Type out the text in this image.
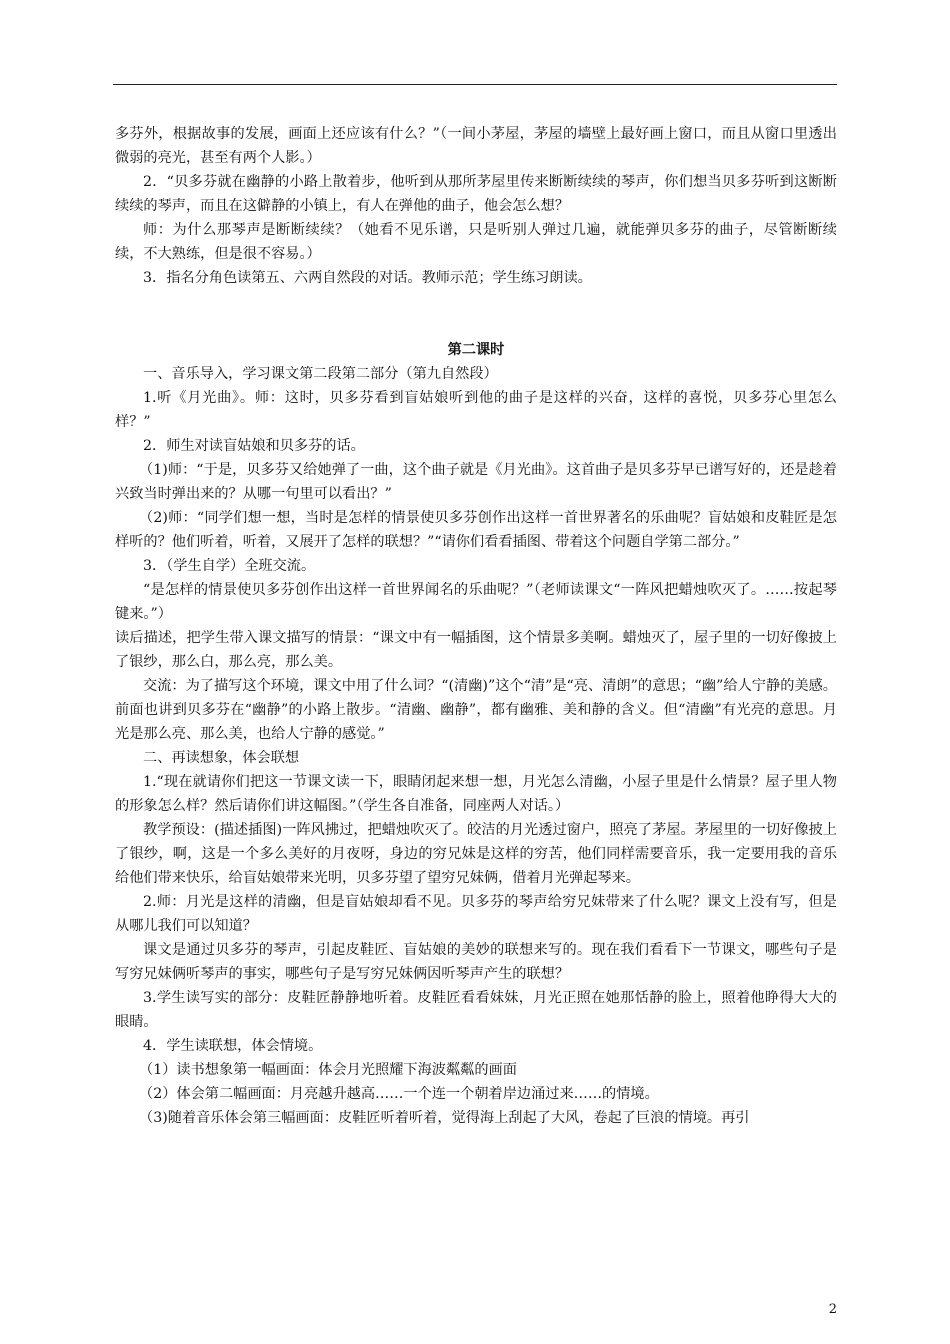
多芬外，根据故事的发展，画面上还应该有什么？”（一间小茅屋，茅屋的墙壁上最好画上窗口，而且从窗口里透出微弱的亮光，甚至有两个人影。）

2．“贝多芬就在幽静的小路上散着步，他听到从那所茅屋里传来断断续续的琴声，你们想当贝多芬听到这断断续续的琴声，而且在这僻静的小镇上，有人在弹他的曲子，他会怎么想？

师：为什么那琴声是断断续续？（她看不见乐谱，只是听别人弹过几遍，就能弹贝多芬的曲子，尽管断断续续，不大熟练，但是很不容易。）

3．指名分角色读第五、六两自然段的对话。教师示范；学生练习朗读。

第二课时

一、音乐导入，学习课文第二段第二部分（第九自然段）

1.听《月光曲》。师：这时，贝多芬看到盲姑娘听到他的曲子是这样的兴奋，这样的喜悦，贝多芬心里怎么样？”

2．师生对读盲姑娘和贝多芬的话。

（1)师：“于是，贝多芬又给她弹了一曲，这个曲子就是《月光曲》。这首曲子是贝多芬早已谱写好的，还是趁着兴致当时弹出来的？从哪一句里可以看出？”

（2)师：“同学们想一想，当时是怎样的情景使贝多芬创作出这样一首世界著名的乐曲呢？盲姑娘和皮鞋匠是怎样听的？他们听着，听着，又展开了怎样的联想？”“请你们看看插图、带着这个问题自学第二部分。”

3．（学生自学）全班交流。

“是怎样的情景使贝多芬创作出这样一首世界闻名的乐曲呢？”（老师读课文“一阵风把蜡烛吹灭了。……按起琴键来。”）

读后描述，把学生带入课文描写的情景：“课文中有一幅插图，这个情景多美啊。蜡烛灭了，屋子里的一切好像披上了银纱，那么白，那么亮，那么美。

交流：为了描写这个环境，课文中用了什么词？“(清幽)”这个“清”是“亮、清朗”的意思；“幽”给人宁静的美感。前面也讲到贝多芬在“幽静”的小路上散步。“清幽、幽静”，都有幽雅、美和静的含义。但“清幽”有光亮的意思。月光是那么亮、那么美，也给人宁静的感觉。”

二、再读想象，体会联想

1.“现在就请你们把这一节课文读一下，眼睛闭起来想一想，月光怎么清幽，小屋子里是什么情景？屋子里人物的形象怎么样？然后请你们讲这幅图。”（学生各自准备，同座两人对话。）

教学预设：(描述插图)一阵风拂过，把蜡烛吹灭了。皎洁的月光透过窗户，照亮了茅屋。茅屋里的一切好像披上了银纱，啊，这是一个多么美好的月夜呀，身边的穷兄妹是这样的穷苦，他们同样需要音乐，我一定要用我的音乐给他们带来快乐，给盲姑娘带来光明，贝多芬望了望穷兄妹俩，借着月光弹起琴来。

2.师：月光是这样的清幽，但是盲姑娘却看不见。贝多芬的琴声给穷兄妹带来了什么呢？课文上没有写，但是从哪儿我们可以知道？

课文是通过贝多芬的琴声，引起皮鞋匠、盲姑娘的美妙的联想来写的。现在我们看看下一节课文，哪些句子是写穷兄妹俩听琴声的事实，哪些句子是写穷兄妹俩因听琴声产生的联想？

3.学生读写实的部分：皮鞋匠静静地听着。皮鞋匠看看妹妹，月光正照在她那恬静的脸上，照着他睁得大大的眼睛。

4．学生读联想，体会情境。

（1）读书想象第一幅画面：体会月光照耀下海波粼粼的画面

（2）体会第二幅画面：月亮越升越高……一个连一个朝着岸边涌过来……的情境。

（3)随着音乐体会第三幅画面：皮鞋匠听着听着，觉得海上刮起了大风，卷起了巨浪的情境。再引

2
